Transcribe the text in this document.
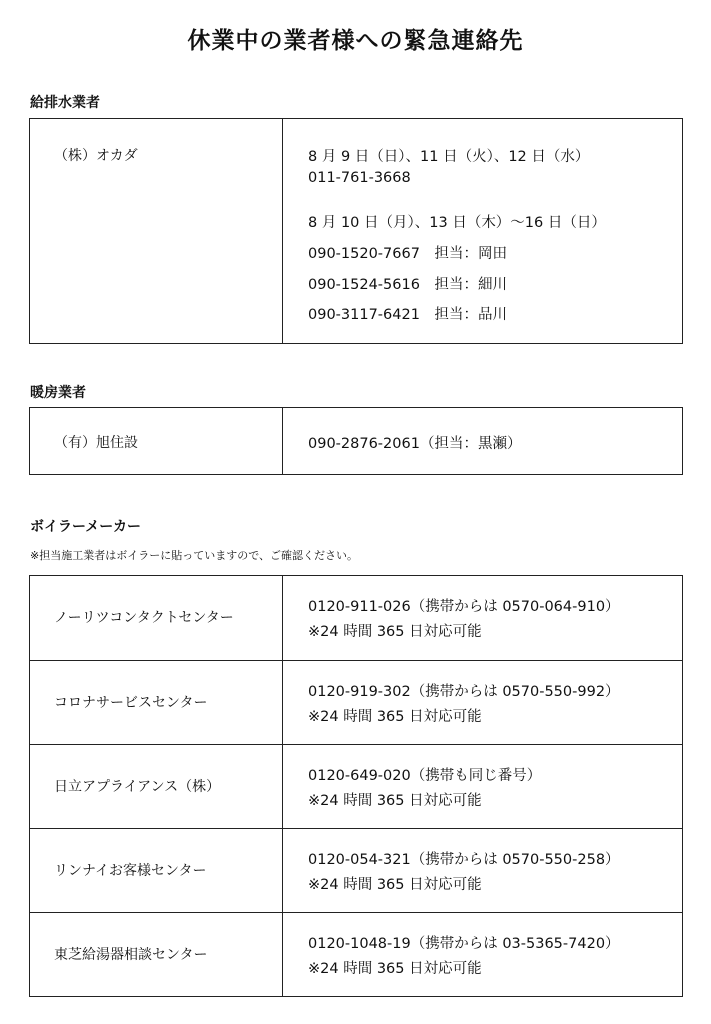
休業中の業者様への緊急連絡先
給排水業者

（株）オカダ	8 月 9 日（日）、11 日（火）、12 日（水）

011-761-3668

8 月 10 日（月）、13 日（木）～16 日（日）

090-1520-7667　担当：岡田

090-1524-5616　担当：細川

090-3117-6421　担当：品川

暖房業者

（有）旭住設	090-2876-2061（担当：黒瀬）

ボイラーメーカー

※担当施工業者はボイラーに貼っていますので、ご確認ください。

ノーリツコンタクトセンター

0120-911-026（携帯からは 0570-064-910）

※24 時間 365 日対応可能

コロナサービスセンター

0120-919-302（携帯からは 0570-550-992）

※24 時間 365 日対応可能

日立アプライアンス（株）

0120-649-020（携帯も同じ番号）

※24 時間 365 日対応可能

リンナイお客様センター

0120-054-321（携帯からは 0570-550-258）

※24 時間 365 日対応可能

東芝給湯器相談センター

0120-1048-19（携帯からは 03-5365-7420）

※24 時間 365 日対応可能
